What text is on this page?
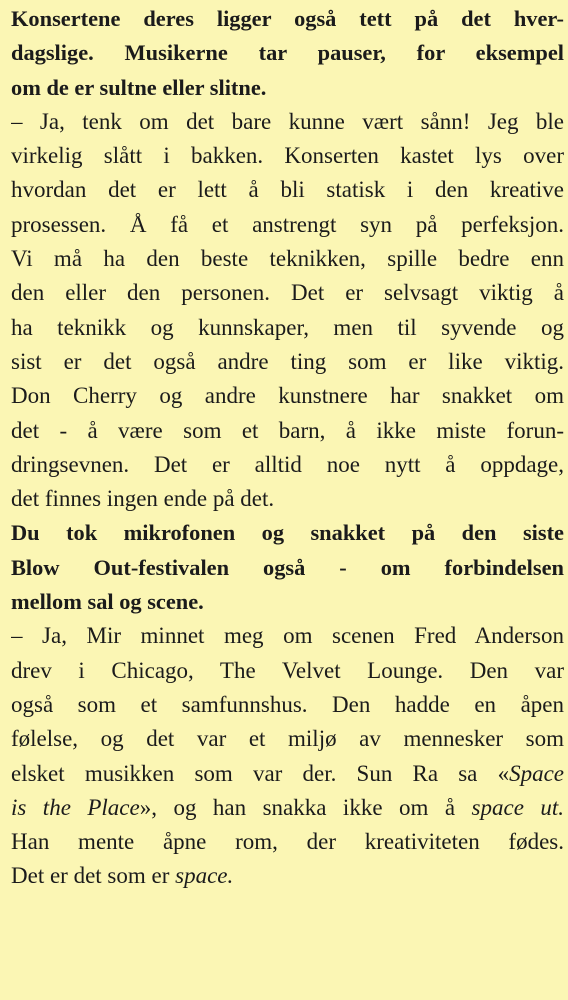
Konsertene deres ligger også tett på det hver-
dagslige. Musikerne tar pauser, for eksempel
om de er sultne eller slitne.
– Ja, tenk om det bare kunne vært sånn! Jeg ble
virkelig slått i bakken. Konserten kastet lys over
hvordan det er lett å bli statisk i den kreative
prosessen. Å få et anstrengt syn på perfeksjon.
Vi må ha den beste teknikken, spille bedre enn
den eller den personen. Det er selvsagt viktig å
ha teknikk og kunnskaper, men til syvende og
sist er det også andre ting som er like viktig.
Don Cherry og andre kunstnere har snakket om
det - å være som et barn, å ikke miste forun-
dringsevnen. Det er alltid noe nytt å oppdage,
det finnes ingen ende på det.
Du tok mikrofonen og snakket på den siste
Blow Out-festivalen også - om forbindelsen
mellom sal og scene.
– Ja, Mir minnet meg om scenen Fred Anderson
drev i Chicago, The Velvet Lounge. Den var
også som et samfunnshus. Den hadde en åpen
følelse, og det var et miljø av mennesker som
elsket musikken som var der. Sun Ra sa «Space
is the Place», og han snakka ikke om å space ut.
Han mente åpne rom, der kreativiteten fødes.
Det er det som er space.
